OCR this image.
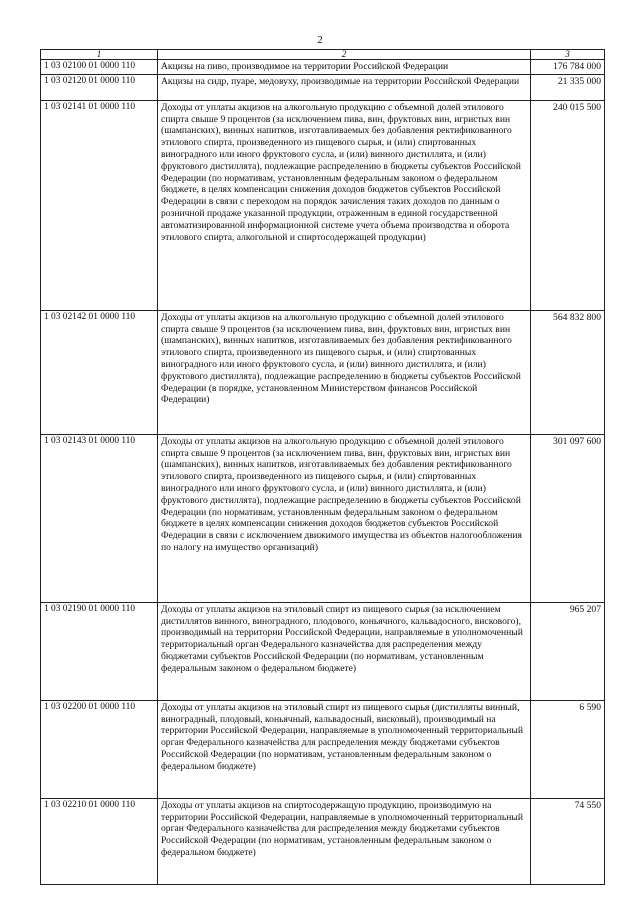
2
1	2	3
1 03 02100 01 0000 110	Акцизы на пиво, производимое на территории Российской Федерации	176 784 000
1 03 02120 01 0000 110	Акцизы на сидр, пуаре, медовуху, производимые на территории Российской Федерации	21 335 000
1 03 02141 01 0000 110	Доходы от уплаты акцизов на алкогольную продукцию с объемной долей этилового спирта свыше 9 процентов (за исключением пива, вин, фруктовых вин, игристых вин (шампанских), винных напитков, изготавливаемых без добавления ректификованного этилового спирта, произведенного из пищевого сырья, и (или) спиртованных виноградного или иного фруктового сусла, и (или) винного дистиллята, и (или) фруктового дистиллята), подлежащие распределению в бюджеты субъектов Российской Федерации (по нормативам, установленным федеральным законом о федеральном бюджете, в целях компенсации снижения доходов бюджетов субъектов Российской Федерации в связи с переходом на порядок зачисления таких доходов по данным о розничной продаже указанной продукции, отраженным в единой государственной автоматизированной информационной системе учета объема производства и оборота этилового спирта, алкогольной и спиртосодержащей продукции)	240 015 500
1 03 02142 01 0000 110	Доходы от уплаты акцизов на алкогольную продукцию с объемной долей этилового спирта свыше 9 процентов (за исключением пива, вин, фруктовых вин, игристых вин (шампанских), винных напитков, изготавливаемых без добавления ректификованного этилового спирта, произведенного из пищевого сырья, и (или) спиртованных виноградного или иного фруктового сусла, и (или) винного дистиллята, и (или) фруктового дистиллята), подлежащие распределению в бюджеты субъектов Российской Федерации (в порядке, установленном Министерством финансов Российской Федерации)	564 832 800
1 03 02143 01 0000 110	Доходы от уплаты акцизов на алкогольную продукцию с объемной долей этилового спирта свыше 9 процентов (за исключением пива, вин, фруктовых вин, игристых вин (шампанских), винных напитков, изготавливаемых без добавления ректификованного этилового спирта, произведенного из пищевого сырья, и (или) спиртованных виноградного или иного фруктового сусла, и (или) винного дистиллята, и (или) фруктового дистиллята), подлежащие распределению в бюджеты субъектов Российской Федерации (по нормативам, установленным федеральным законом о федеральном бюджете в целях компенсации снижения доходов бюджетов субъектов Российской Федерации в связи с исключением движимого имущества из объектов налогообложения по налогу на имущество организаций)	301 097 600
1 03 02190 01 0000 110	Доходы от уплаты акцизов на этиловый спирт из пищевого сырья (за исключением дистиллятов винного, виноградного, плодового, коньячного, кальвадосного, вискового), производимый на территории Российской Федерации, направляемые в уполномоченный территориальный орган Федерального казначейства для распределения между бюджетами субъектов Российской Федерации (по нормативам, установленным федеральным законом о федеральном бюджете)	965 207
1 03 02200 01 0000 110	Доходы от уплаты акцизов на этиловый спирт из пищевого сырья (дистилляты винный, виноградный, плодовый, коньячный, кальвадосный, висковый), производимый на территории Российской Федерации, направляемые в уполномоченный территориальный орган Федерального казначейства для распределения между бюджетами субъектов Российской Федерации (по нормативам, установленным федеральным законом о федеральном бюджете)	6 590
1 03 02210 01 0000 110	Доходы от уплаты акцизов на спиртосодержащую продукцию, производимую на территории Российской Федерации, направляемые в уполномоченный территориальный орган Федерального казначейства для распределения между бюджетами субъектов Российской Федерации (по нормативам, установленным федеральным законом о федеральном бюджете)	74 550
